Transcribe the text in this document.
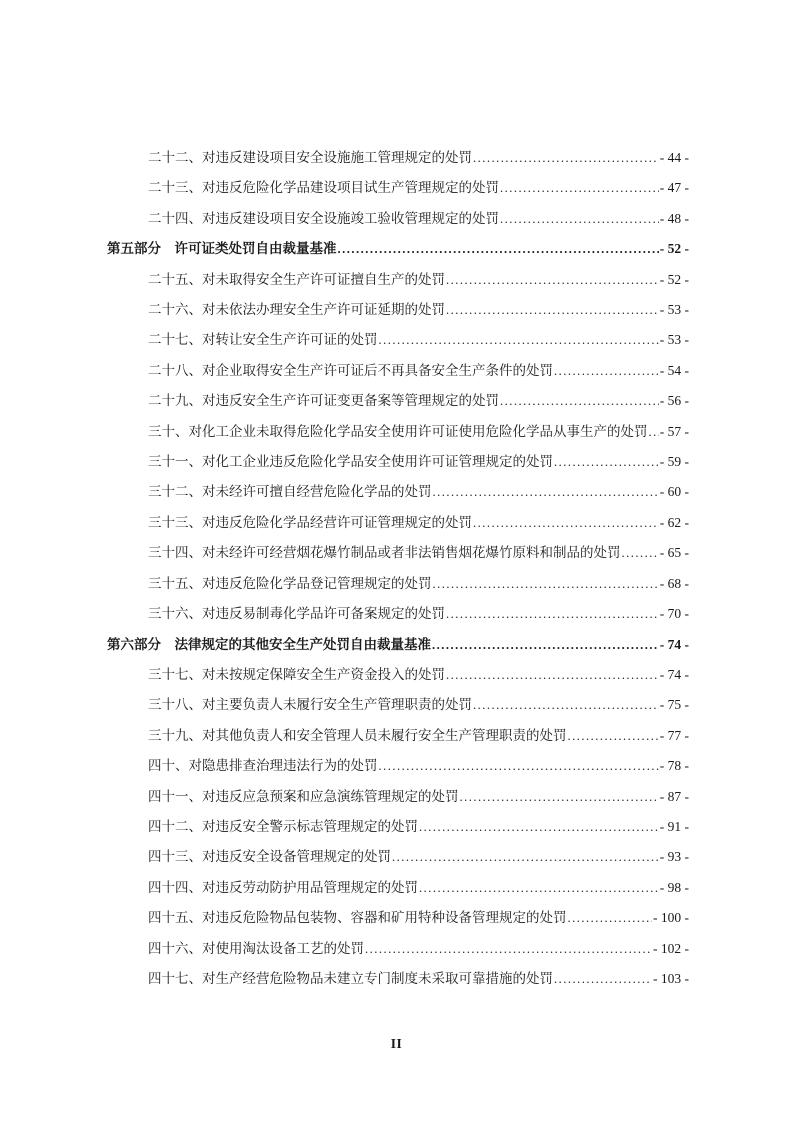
二十二、对违反建设项目安全设施施工管理规定的处罚 .....	- 44 -
二十三、对违反危险化学品建设项目试生产管理规定的处罚 .....	- 47 -
二十四、对违反建设项目安全设施竣工验收管理规定的处罚 .....	- 48 -
第五部分　许可证类处罚自由裁量基准 .....	- 52 -
二十五、对未取得安全生产许可证擅自生产的处罚 .....	- 52 -
二十六、对未依法办理安全生产许可证延期的处罚 .....	- 53 -
二十七、对转让安全生产许可证的处罚 .....	- 53 -
二十八、对企业取得安全生产许可证后不再具备安全生产条件的处罚 .....	- 54 -
二十九、对违反安全生产许可证变更备案等管理规定的处罚 .....	- 56 -
三十、对化工企业未取得危险化学品安全使用许可证使用危险化学品从事生产的处罚 ..... - 57 -
三十一、对化工企业违反危险化学品安全使用许可证管理规定的处罚 .....	- 59 -
三十二、对未经许可擅自经营危险化学品的处罚 .....	- 60 -
三十三、对违反危险化学品经营许可证管理规定的处罚 .....	- 62 -
三十四、对未经许可经营烟花爆竹制品或者非法销售烟花爆竹原料和制品的处罚 .....	- 65 -
三十五、对违反危险化学品登记管理规定的处罚 .....	- 68 -
三十六、对违反易制毒化学品许可备案规定的处罚 .....	- 70 -
第六部分　法律规定的其他安全生产处罚自由裁量基准 .....	- 74 -
三十七、对未按规定保障安全生产资金投入的处罚 .....	- 74 -
三十八、对主要负责人未履行安全生产管理职责的处罚 .....	- 75 -
三十九、对其他负责人和安全管理人员未履行安全生产管理职责的处罚 .....	- 77 -
四十、对隐患排查治理违法行为的处罚 .....	- 78 -
四十一、对违反应急预案和应急演练管理规定的处罚 .....	- 87 -
四十二、对违反安全警示标志管理规定的处罚 .....	- 91 -
四十三、对违反安全设备管理规定的处罚 .....	- 93 -
四十四、对违反劳动防护用品管理规定的处罚 .....	- 98 -
四十五、对违反危险物品包装物、容器和矿用特种设备管理规定的处罚 .....	- 100 -
四十六、对使用淘汰设备工艺的处罚 .....	- 102 -
四十七、对生产经营危险物品未建立专门制度未采取可靠措施的处罚 .....	- 103 -
II
